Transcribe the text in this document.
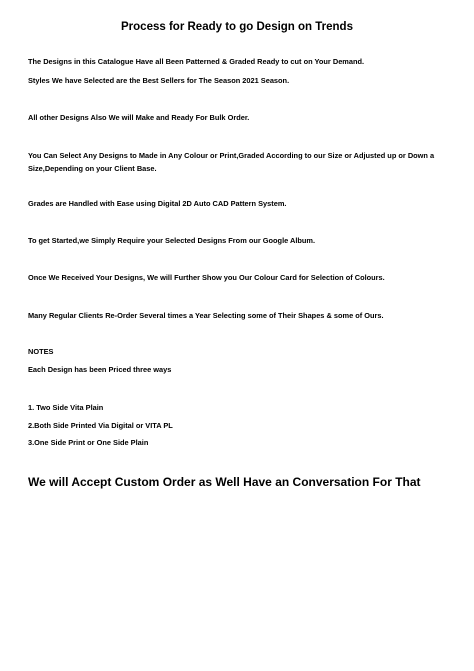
Process for Ready to go Design on Trends
The Designs in this Catalogue Have all Been Patterned & Graded Ready to cut on Your Demand.
Styles We have Selected are the Best Sellers for The Season 2021 Season.
All other Designs Also We will Make and Ready For Bulk Order.
You Can Select Any Designs to Made in Any Colour or Print,Graded According to our Size or Adjusted up or Down a Size,Depending on your Client Base.
Grades are Handled with Ease using Digital 2D Auto CAD Pattern System.
To get Started,we Simply Require your Selected Designs From our Google Album.
Once We Received Your Designs, We will Further Show you Our Colour Card for Selection of Colours.
Many Regular Clients Re-Order Several times a Year Selecting some of Their Shapes & some of Ours.
NOTES
Each Design has been Priced three ways
1. Two Side Vita Plain
2.Both Side Printed Via Digital or VITA PL
3.One Side Print or One Side Plain
We will Accept Custom Order as Well Have an Conversation For That
